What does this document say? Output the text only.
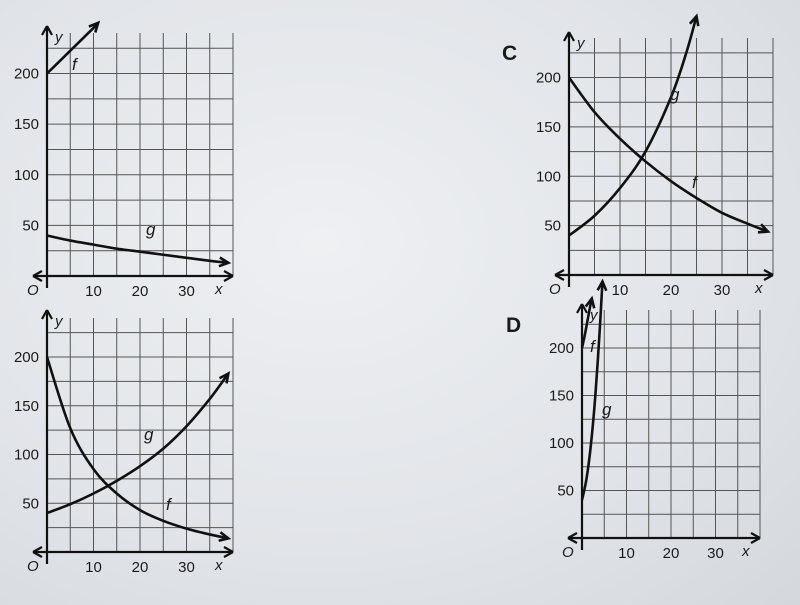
y
x
O	10 20 30
50
100
150
200 f
g
C	y
x
O	10 20 30
50
100
150
200
g
f
y
x
O	10 20 30
50
100
150
200
g
f
D	y
x
O	10 20 30
50
100
150
200 f
g
